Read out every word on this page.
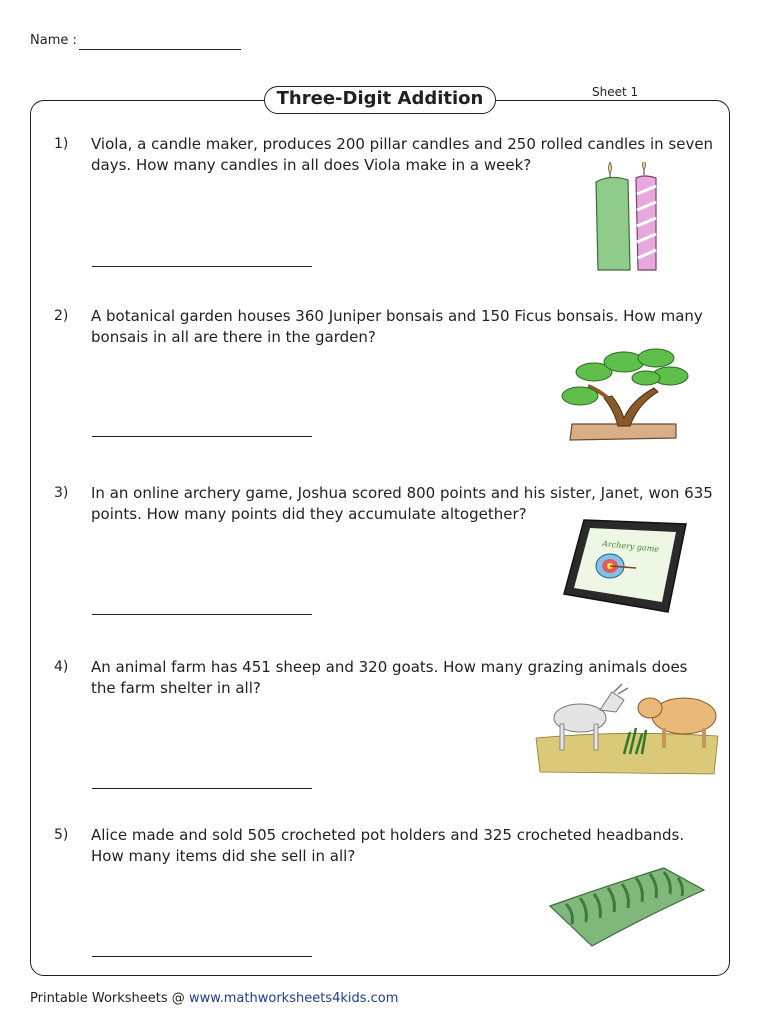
Name :
Three-Digit Addition	Sheet 1
1) Viola, a candle maker, produces 200 pillar candles and 250 rolled candles in seven days. How many candles in all does Viola make in a week?
2) A botanical garden houses 360 Juniper bonsais and 150 Ficus bonsais. How many bonsais in all are there in the garden?
3) In an online archery game, Joshua scored 800 points and his sister, Janet, won 635 points. How many points did they accumulate altogether?
Archery game
4) An animal farm has 451 sheep and 320 goats. How many grazing animals does the farm shelter in all?
5) Alice made and sold 505 crocheted pot holders and 325 crocheted headbands. How many items did she sell in all?
Printable Worksheets @ www.mathworksheets4kids.com
